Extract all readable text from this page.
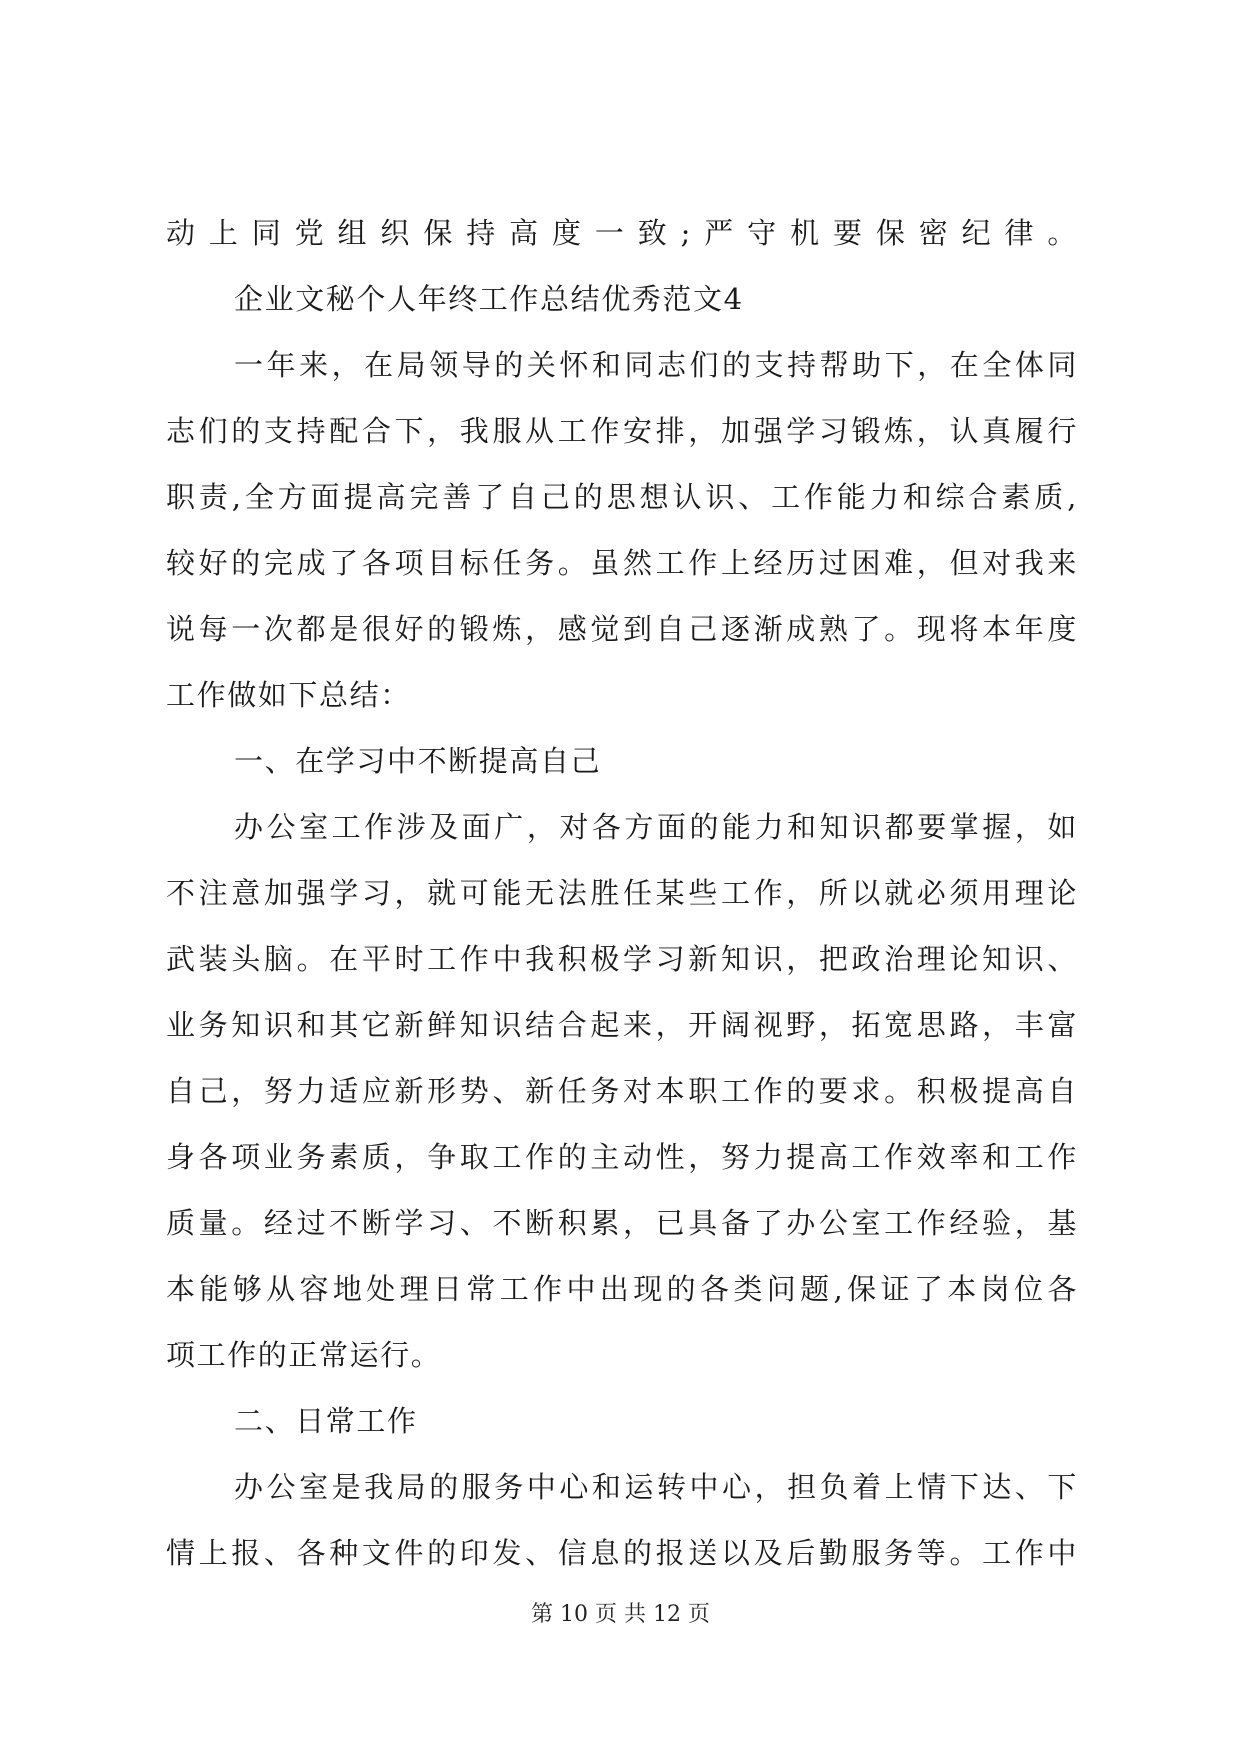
动上同党组织保持高度一致;严守机要保密纪律。
企业文秘个人年终工作总结优秀范文4
一年来，在局领导的关怀和同志们的支持帮助下，在全体同
志们的支持配合下，我服从工作安排，加强学习锻炼，认真履行
职责,全方面提高完善了自己的思想认识、工作能力和综合素质,
较好的完成了各项目标任务。虽然工作上经历过困难，但对我来
说每一次都是很好的锻炼，感觉到自己逐渐成熟了。现将本年度
工作做如下总结：
一、在学习中不断提高自己
办公室工作涉及面广，对各方面的能力和知识都要掌握，如
不注意加强学习，就可能无法胜任某些工作，所以就必须用理论
武装头脑。在平时工作中我积极学习新知识，把政治理论知识、
业务知识和其它新鲜知识结合起来，开阔视野，拓宽思路，丰富
自己，努力适应新形势、新任务对本职工作的要求。积极提高自
身各项业务素质，争取工作的主动性，努力提高工作效率和工作
质量。经过不断学习、不断积累，已具备了办公室工作经验，基
本能够从容地处理日常工作中出现的各类问题,保证了本岗位各
项工作的正常运行。
二、日常工作
办公室是我局的服务中心和运转中心，担负着上情下达、下
情上报、各种文件的印发、信息的报送以及后勤服务等。工作中
第 10 页 共 12 页
